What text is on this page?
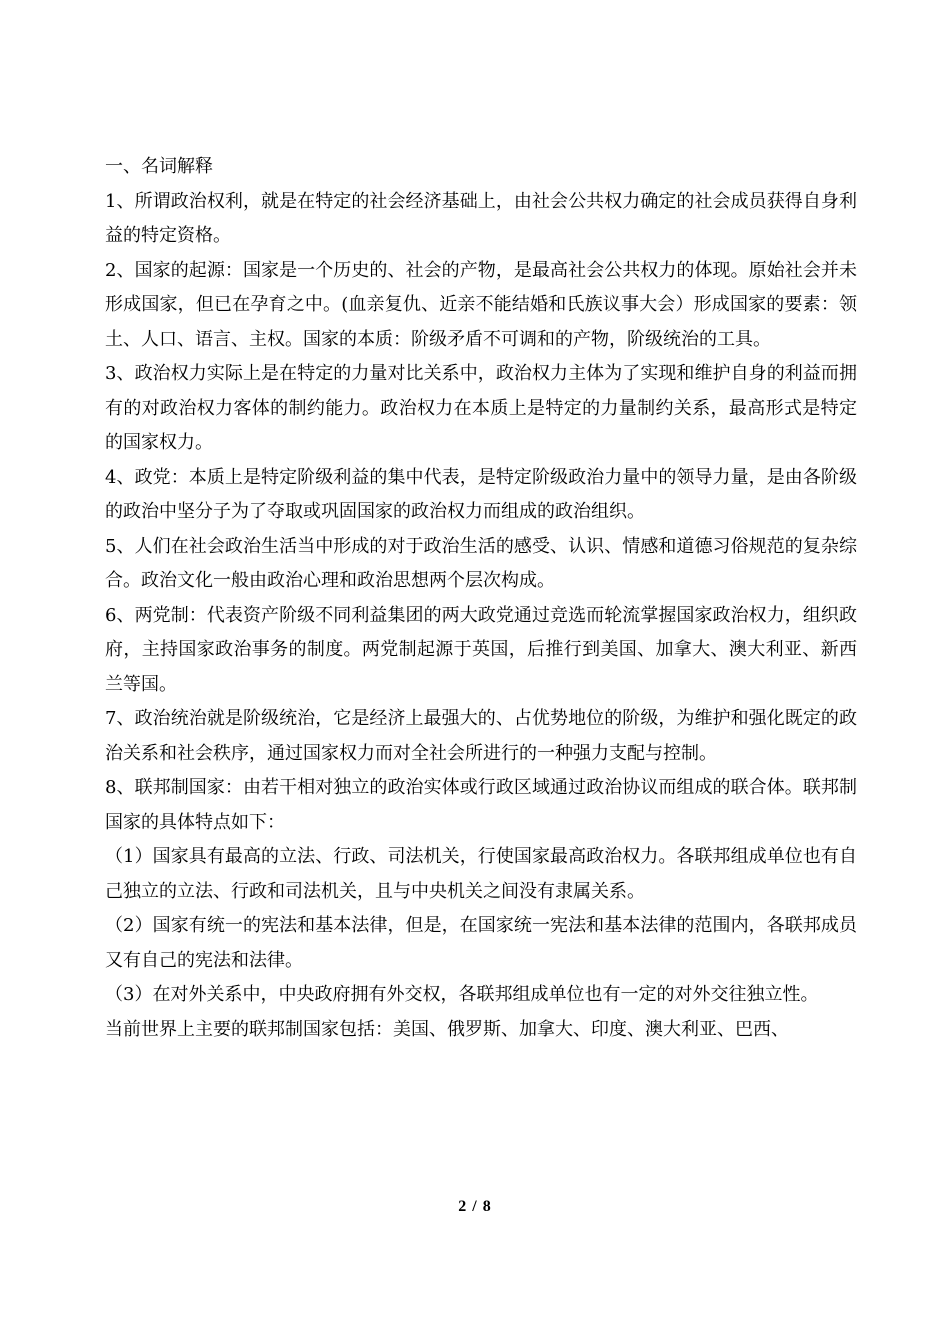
一、名词解释

1、所谓政治权利，就是在特定的社会经济基础上，由社会公共权力确定的社会成员获得自身利益的特定资格。

2、国家的起源：国家是一个历史的、社会的产物，是最高社会公共权力的体现。原始社会并未形成国家，但已在孕育之中。(血亲复仇、近亲不能结婚和氏族议事大会）形成国家的要素：领土、人口、语言、主权。国家的本质：阶级矛盾不可调和的产物，阶级统治的工具。

3、政治权力实际上是在特定的力量对比关系中，政治权力主体为了实现和维护自身的利益而拥有的对政治权力客体的制约能力。政治权力在本质上是特定的力量制约关系，最高形式是特定的国家权力。

4、政党：本质上是特定阶级利益的集中代表，是特定阶级政治力量中的领导力量，是由各阶级的政治中坚分子为了夺取或巩固国家的政治权力而组成的政治组织。

5、人们在社会政治生活当中形成的对于政治生活的感受、认识、情感和道德习俗规范的复杂综合。政治文化一般由政治心理和政治思想两个层次构成。

6、两党制：代表资产阶级不同利益集团的两大政党通过竞选而轮流掌握国家政治权力，组织政府，主持国家政治事务的制度。两党制起源于英国，后推行到美国、加拿大、澳大利亚、新西兰等国。

7、政治统治就是阶级统治，它是经济上最强大的、占优势地位的阶级，为维护和强化既定的政治关系和社会秩序，通过国家权力而对全社会所进行的一种强力支配与控制。

8、联邦制国家：由若干相对独立的政治实体或行政区域通过政治协议而组成的联合体。联邦制国家的具体特点如下：

（1）国家具有最高的立法、行政、司法机关，行使国家最高政治权力。各联邦组成单位也有自己独立的立法、行政和司法机关，且与中央机关之间没有隶属关系。

（2）国家有统一的宪法和基本法律，但是，在国家统一宪法和基本法律的范围内，各联邦成员又有自己的宪法和法律。

（3）在对外关系中，中央政府拥有外交权，各联邦组成单位也有一定的对外交往独立性。

当前世界上主要的联邦制国家包括：美国、俄罗斯、加拿大、印度、澳大利亚、巴西、

2 / 8
